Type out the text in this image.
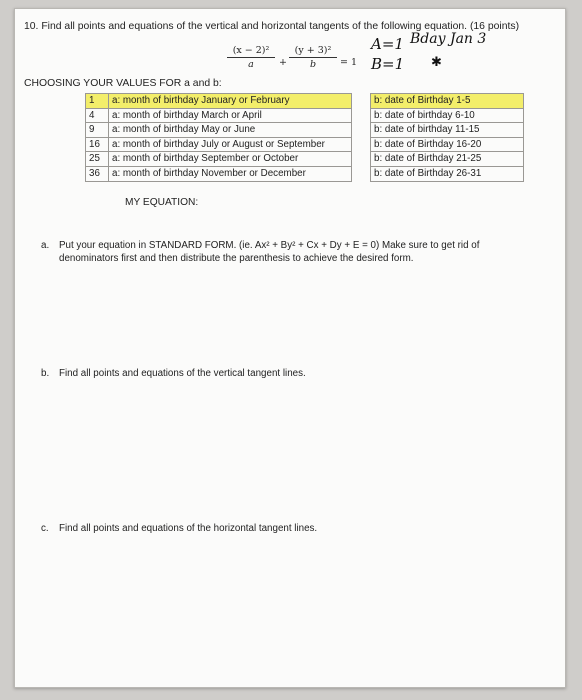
10. Find all points and equations of the vertical and horizontal tangents of the following equation. (16 points)
(x − 2)²
a	+
(y + 3)²
b	= 1
A=1
B=1
Bday Jan 3
✱
CHOOSING YOUR VALUES FOR a and b:
1	a: month of birthday January or February
4	a: month of birthday March or April
9	a: month of birthday May or June
16	a: month of birthday July or August or September
25	a: month of birthday September or October
36	a: month of birthday November or December
b: date of Birthday 1-5
b: date of birthday 6-10
b: date of birthday 11-15
b: date of Birthday 16-20
b: date of Birthday 21-25
b: date of Birthday 26-31
MY EQUATION:
a. Put your equation in STANDARD FORM. (ie. Ax² + By² + Cx + Dy + E = 0) Make sure to get rid of
denominators first and then distribute the parenthesis to achieve the desired form.
b. Find all points and equations of the vertical tangent lines.
c. Find all points and equations of the horizontal tangent lines.
